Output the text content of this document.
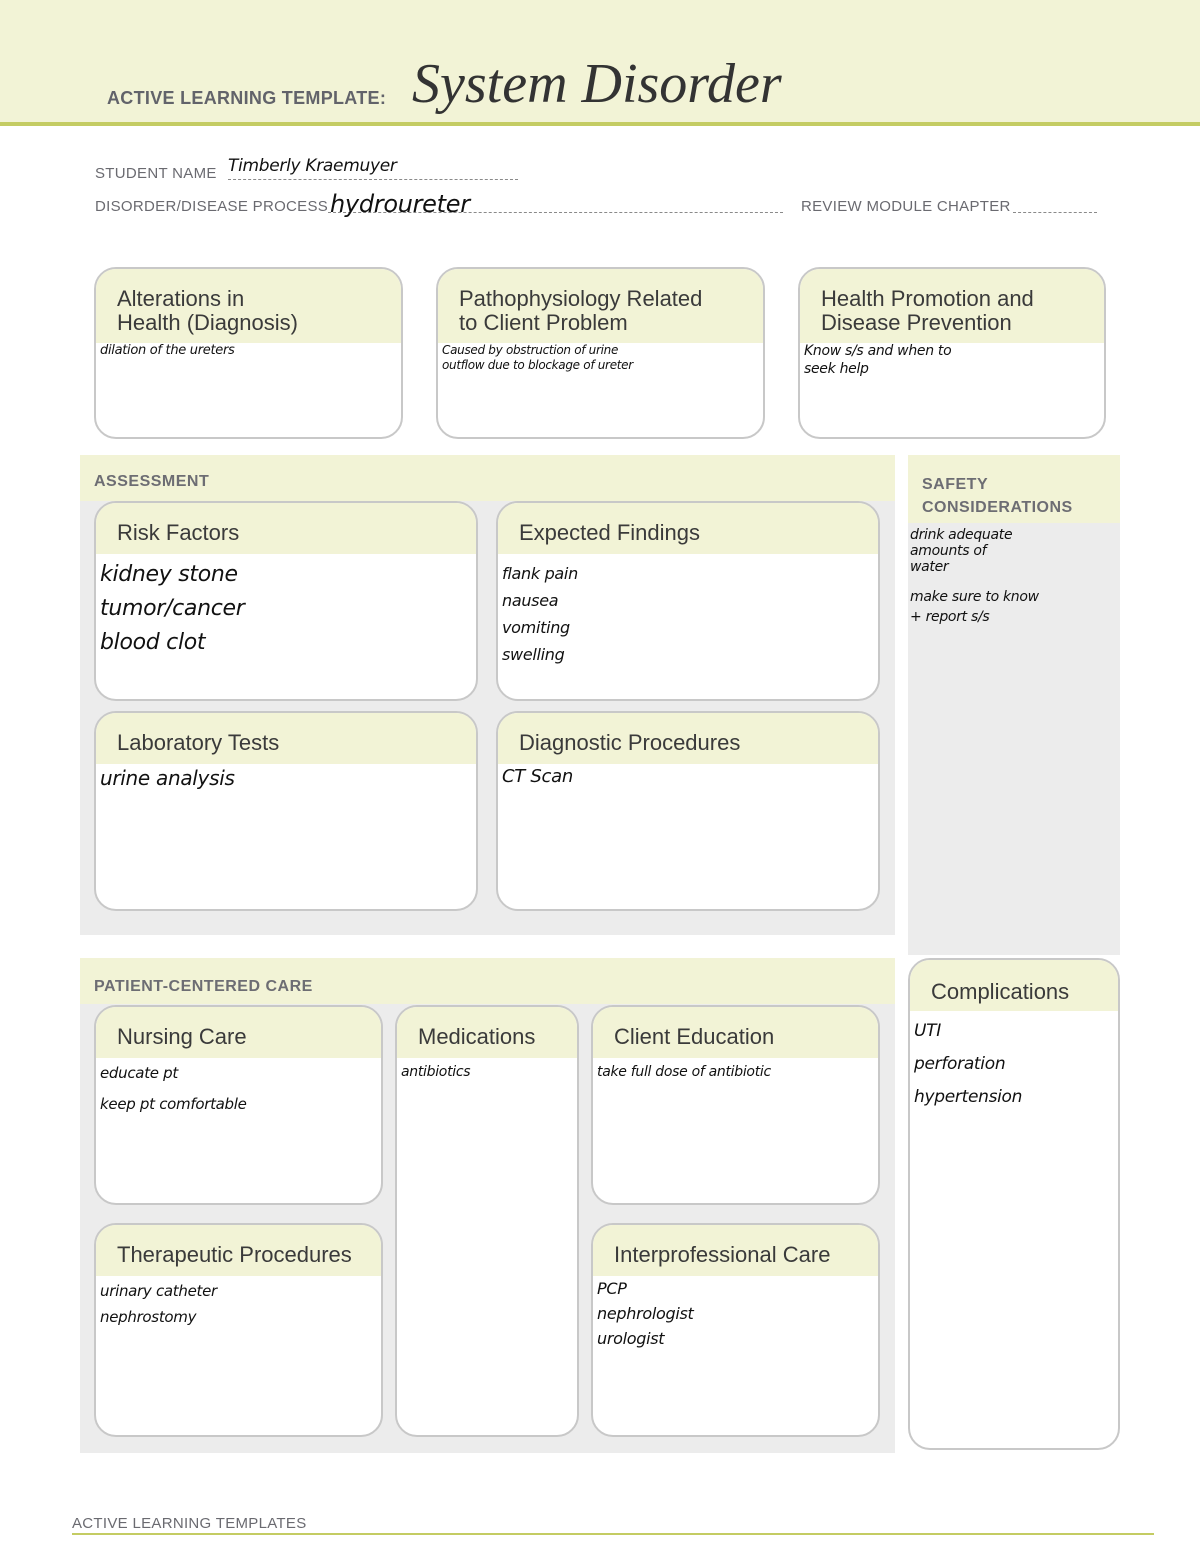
ACTIVE LEARNING TEMPLATE: System Disorder
STUDENT NAME Timberly Kraemuyer
DISORDER/DISEASE PROCESS hydroureter	REVIEW MODULE CHAPTER
Alterations in
Health (Diagnosis)
dilation of the ureters
Pathophysiology Related
to Client Problem
Caused by obstruction of urine
outflow due to blockage of ureter
Health Promotion and
Disease Prevention
Know s/s and when to
seek help
ASSESSMENT
Risk Factors
kidney stone
tumor/cancer
blood clot
Expected Findings
flank pain
nausea
vomiting
swelling
Laboratory Tests
urine analysis
Diagnostic Procedures
CT Scan
SAFETY
CONSIDERATIONS
drink adequate
amounts of
water
make sure to know
+ report s/s
Complications
UTI
perforation
hypertension
PATIENT-CENTERED CARE
Nursing Care
educate pt
keep pt comfortable
Medications
antibiotics
Client Education
take full dose of antibiotic
Therapeutic Procedures
urinary catheter
nephrostomy
Interprofessional Care
PCP
nephrologist
urologist
ACTIVE LEARNING TEMPLATES
